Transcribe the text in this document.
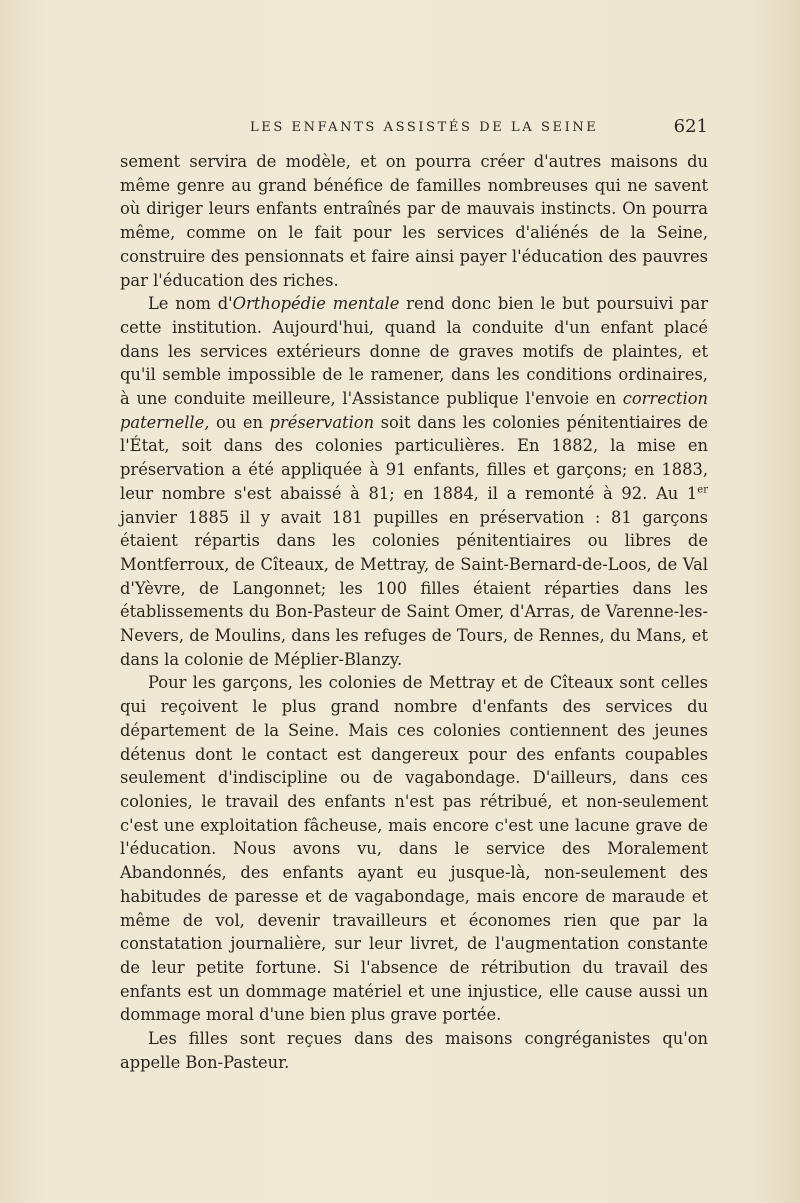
LES ENFANTS ASSISTÉS DE LA SEINE	621

sement servira de modèle, et on pourra créer d'autres maisons du même genre au grand bénéfice de familles nombreuses qui ne savent où diriger leurs enfants entraînés par de mauvais instincts. On pourra même, comme on le fait pour les services d'aliénés de la Seine, construire des pensionnats et faire ainsi payer l'éducation des pauvres par l'éducation des riches.

Le nom d'Orthopédie mentale rend donc bien le but poursuivi par cette institution. Aujourd'hui, quand la conduite d'un enfant placé dans les services extérieurs donne de graves motifs de plaintes, et qu'il semble impossible de le ramener, dans les conditions ordinaires, à une conduite meilleure, l'Assistance publique l'envoie en correction paternelle, ou en préservation soit dans les colonies pénitentiaires de l'État, soit dans des colonies particulières. En 1882, la mise en préservation a été appliquée à 91 enfants, filles et garçons; en 1883, leur nombre s'est abaissé à 81; en 1884, il a remonté à 92. Au 1er janvier 1885 il y avait 181 pupilles en préservation : 81 garçons étaient répartis dans les colonies pénitentiaires ou libres de Montferroux, de Cîteaux, de Mettray, de Saint-Bernard-de-Loos, de Val d'Yèvre, de Langonnet; les 100 filles étaient réparties dans les établissements du Bon-Pasteur de Saint Omer, d'Arras, de Varenne-les-Nevers, de Moulins, dans les refuges de Tours, de Rennes, du Mans, et dans la colonie de Méplier-Blanzy.

Pour les garçons, les colonies de Mettray et de Cîteaux sont celles qui reçoivent le plus grand nombre d'enfants des services du département de la Seine. Mais ces colonies contiennent des jeunes détenus dont le contact est dangereux pour des enfants coupables seulement d'indiscipline ou de vagabondage. D'ailleurs, dans ces colonies, le travail des enfants n'est pas rétribué, et non-seulement c'est une exploitation fâcheuse, mais encore c'est une lacune grave de l'éducation. Nous avons vu, dans le service des Moralement Abandonnés, des enfants ayant eu jusque-là, non-seulement des habitudes de paresse et de vagabondage, mais encore de maraude et même de vol, devenir travailleurs et économes rien que par la constatation journalière, sur leur livret, de l'augmentation constante de leur petite fortune. Si l'absence de rétribution du travail des enfants est un dommage matériel et une injustice, elle cause aussi un dommage moral d'une bien plus grave portée.

Les filles sont reçues dans des maisons congréganistes qu'on appelle Bon-Pasteur.
